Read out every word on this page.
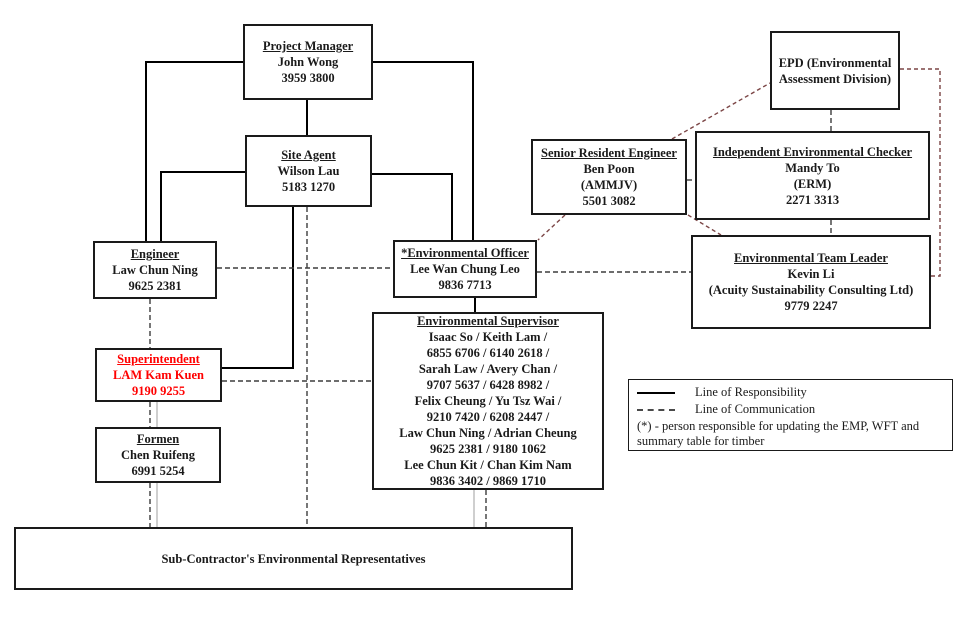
Project Manager
John Wong
3959 3800
Site Agent
Wilson Lau
5183 1270
Engineer
Law Chun Ning
9625 2381
*Environmental Officer
Lee Wan Chung Leo
9836 7713
Superintendent
LAM Kam Kuen
9190 9255
Formen
Chen Ruifeng
6991 5254
Environmental Supervisor
Isaac So / Keith Lam /
6855 6706 / 6140 2618 /
Sarah Law / Avery Chan /
9707 5637 / 6428 8982 /
Felix Cheung / Yu Tsz Wai /
9210 7420 / 6208 2447 /
Law Chun Ning / Adrian Cheung
9625 2381 / 9180 1062
Lee Chun Kit / Chan Kim Nam
9836 3402 / 9869 1710
Sub-Contractor's Environmental Representatives
EPD (Environmental
Assessment Division)
Senior Resident Engineer
Ben Poon
(AMMJV)
5501 3082
Independent Environmental Checker
Mandy To
(ERM)
2271 3313
Environmental Team Leader
Kevin Li
(Acuity Sustainability Consulting Ltd)
9779 2247
Line of Responsibility
Line of Communication
(*) - person responsible for updating the EMP, WFT and summary table for timber
